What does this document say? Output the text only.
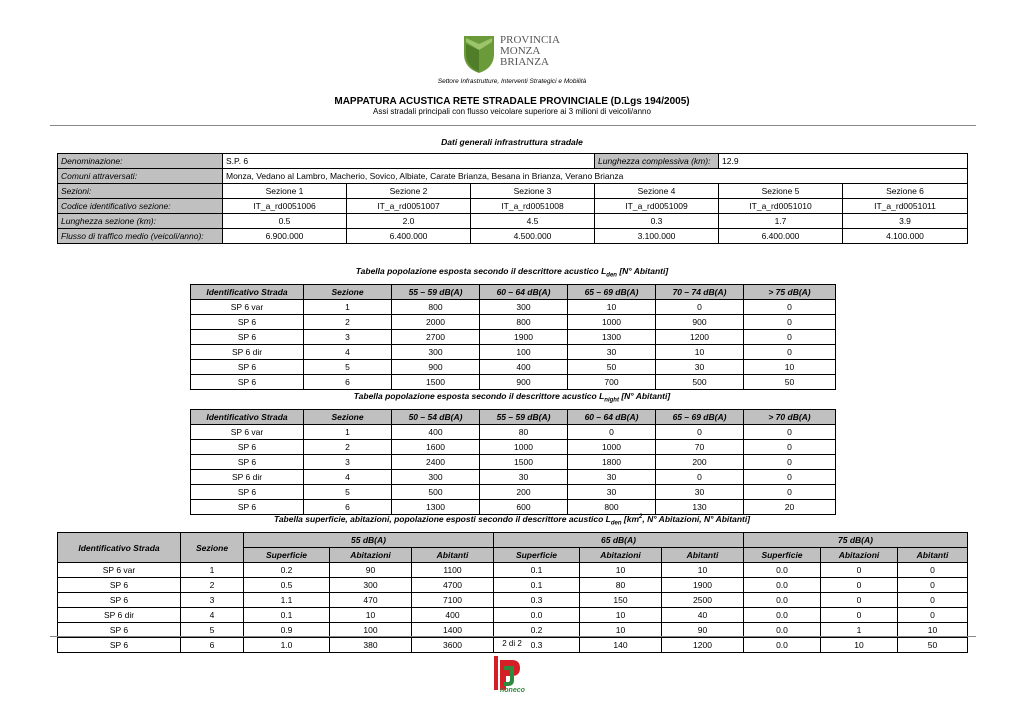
PROVINCIA
MONZA
BRIANZA
Settore Infrastrutture, Interventi Strategici e Mobilità
MAPPATURA ACUSTICA RETE STRADALE PROVINCIALE (D.Lgs 194/2005)
Assi stradali principali con flusso veicolare superiore ai 3 milioni di veicoli/anno
Dati generali infrastruttura stradale
Denominazione:	S.P. 6			Lunghezza complessiva (km):	12.9	
Comuni attraversati:	Monza, Vedano al Lambro, Macherio, Sovico, Albiate, Carate Brianza, Besana in Brianza, Verano Brianza					
Sezioni:	Sezione 1	Sezione 2	Sezione 3	Sezione 4	Sezione 5	Sezione 6
Codice identificativo sezione:	IT_a_rd0051006	IT_a_rd0051007	IT_a_rd0051008	IT_a_rd0051009	IT_a_rd0051010	IT_a_rd0051011
Lunghezza sezione (km):	0.5	2.0	4.5	0.3	1.7	3.9
Flusso di traffico medio (veicoli/anno):	6.900.000	6.400.000	4.500.000	3.100.000	6.400.000	4.100.000
Tabella popolazione esposta secondo il descrittore acustico $L_{den}$ [N° Abitanti]
Identificativo Strada	Sezione	55 – 59 dB(A)	60 – 64 dB(A)	65 – 69 dB(A)	70 – 74 dB(A)	> 75 dB(A)
SP 6 var	1	800	300	10	0	0
SP 6	2	2000	800	1000	900	0
SP 6	3	2700	1900	1300	1200	0
SP 6 dir	4	300	100	30	10	0
SP 6	5	900	400	50	30	10
SP 6	6	1500	900	700	500	50
Tabella popolazione esposta secondo il descrittore acustico $L_{night}$ [N° Abitanti]
Identificativo Strada	Sezione	50 – 54 dB(A)	55 – 59 dB(A)	60 – 64 dB(A)	65 – 69 dB(A)	> 70 dB(A)
SP 6 var	1	400	80	0	0	0
SP 6	2	1600	1000	1000	70	0
SP 6	3	2400	1500	1800	200	0
SP 6 dir	4	300	30	30	0	0
SP 6	5	500	200	30	30	0
SP 6	6	1300	600	800	130	20
Tabella superficie, abitazioni, popolazione esposti secondo il descrittore acustico $L_{den}$ [$km^2$, N° Abitazioni, N° Abitanti]
Identificativo Strada	Sezione	55 dB(A)			65 dB(A)			75 dB(A)		
		Superficie	Abitazioni	Abitanti	Superficie	Abitazioni	Abitanti	Superficie	Abitazioni	Abitanti
SP 6 var	1	0.2	90	1100	0.1	10	10	0.0	0	0
SP 6	2	0.5	300	4700	0.1	80	1900	0.0	0	0
SP 6	3	1.1	470	7100	0.3	150	2500	0.0	0	0
SP 6 dir	4	0.1	10	400	0.0	10	40	0.0	0	0
SP 6	5	0.9	100	1400	0.2	10	90	0.0	1	10
SP 6	6	1.0	380	3600	0.3	140	1200	0.0	10	50
2 di 2
honeco
